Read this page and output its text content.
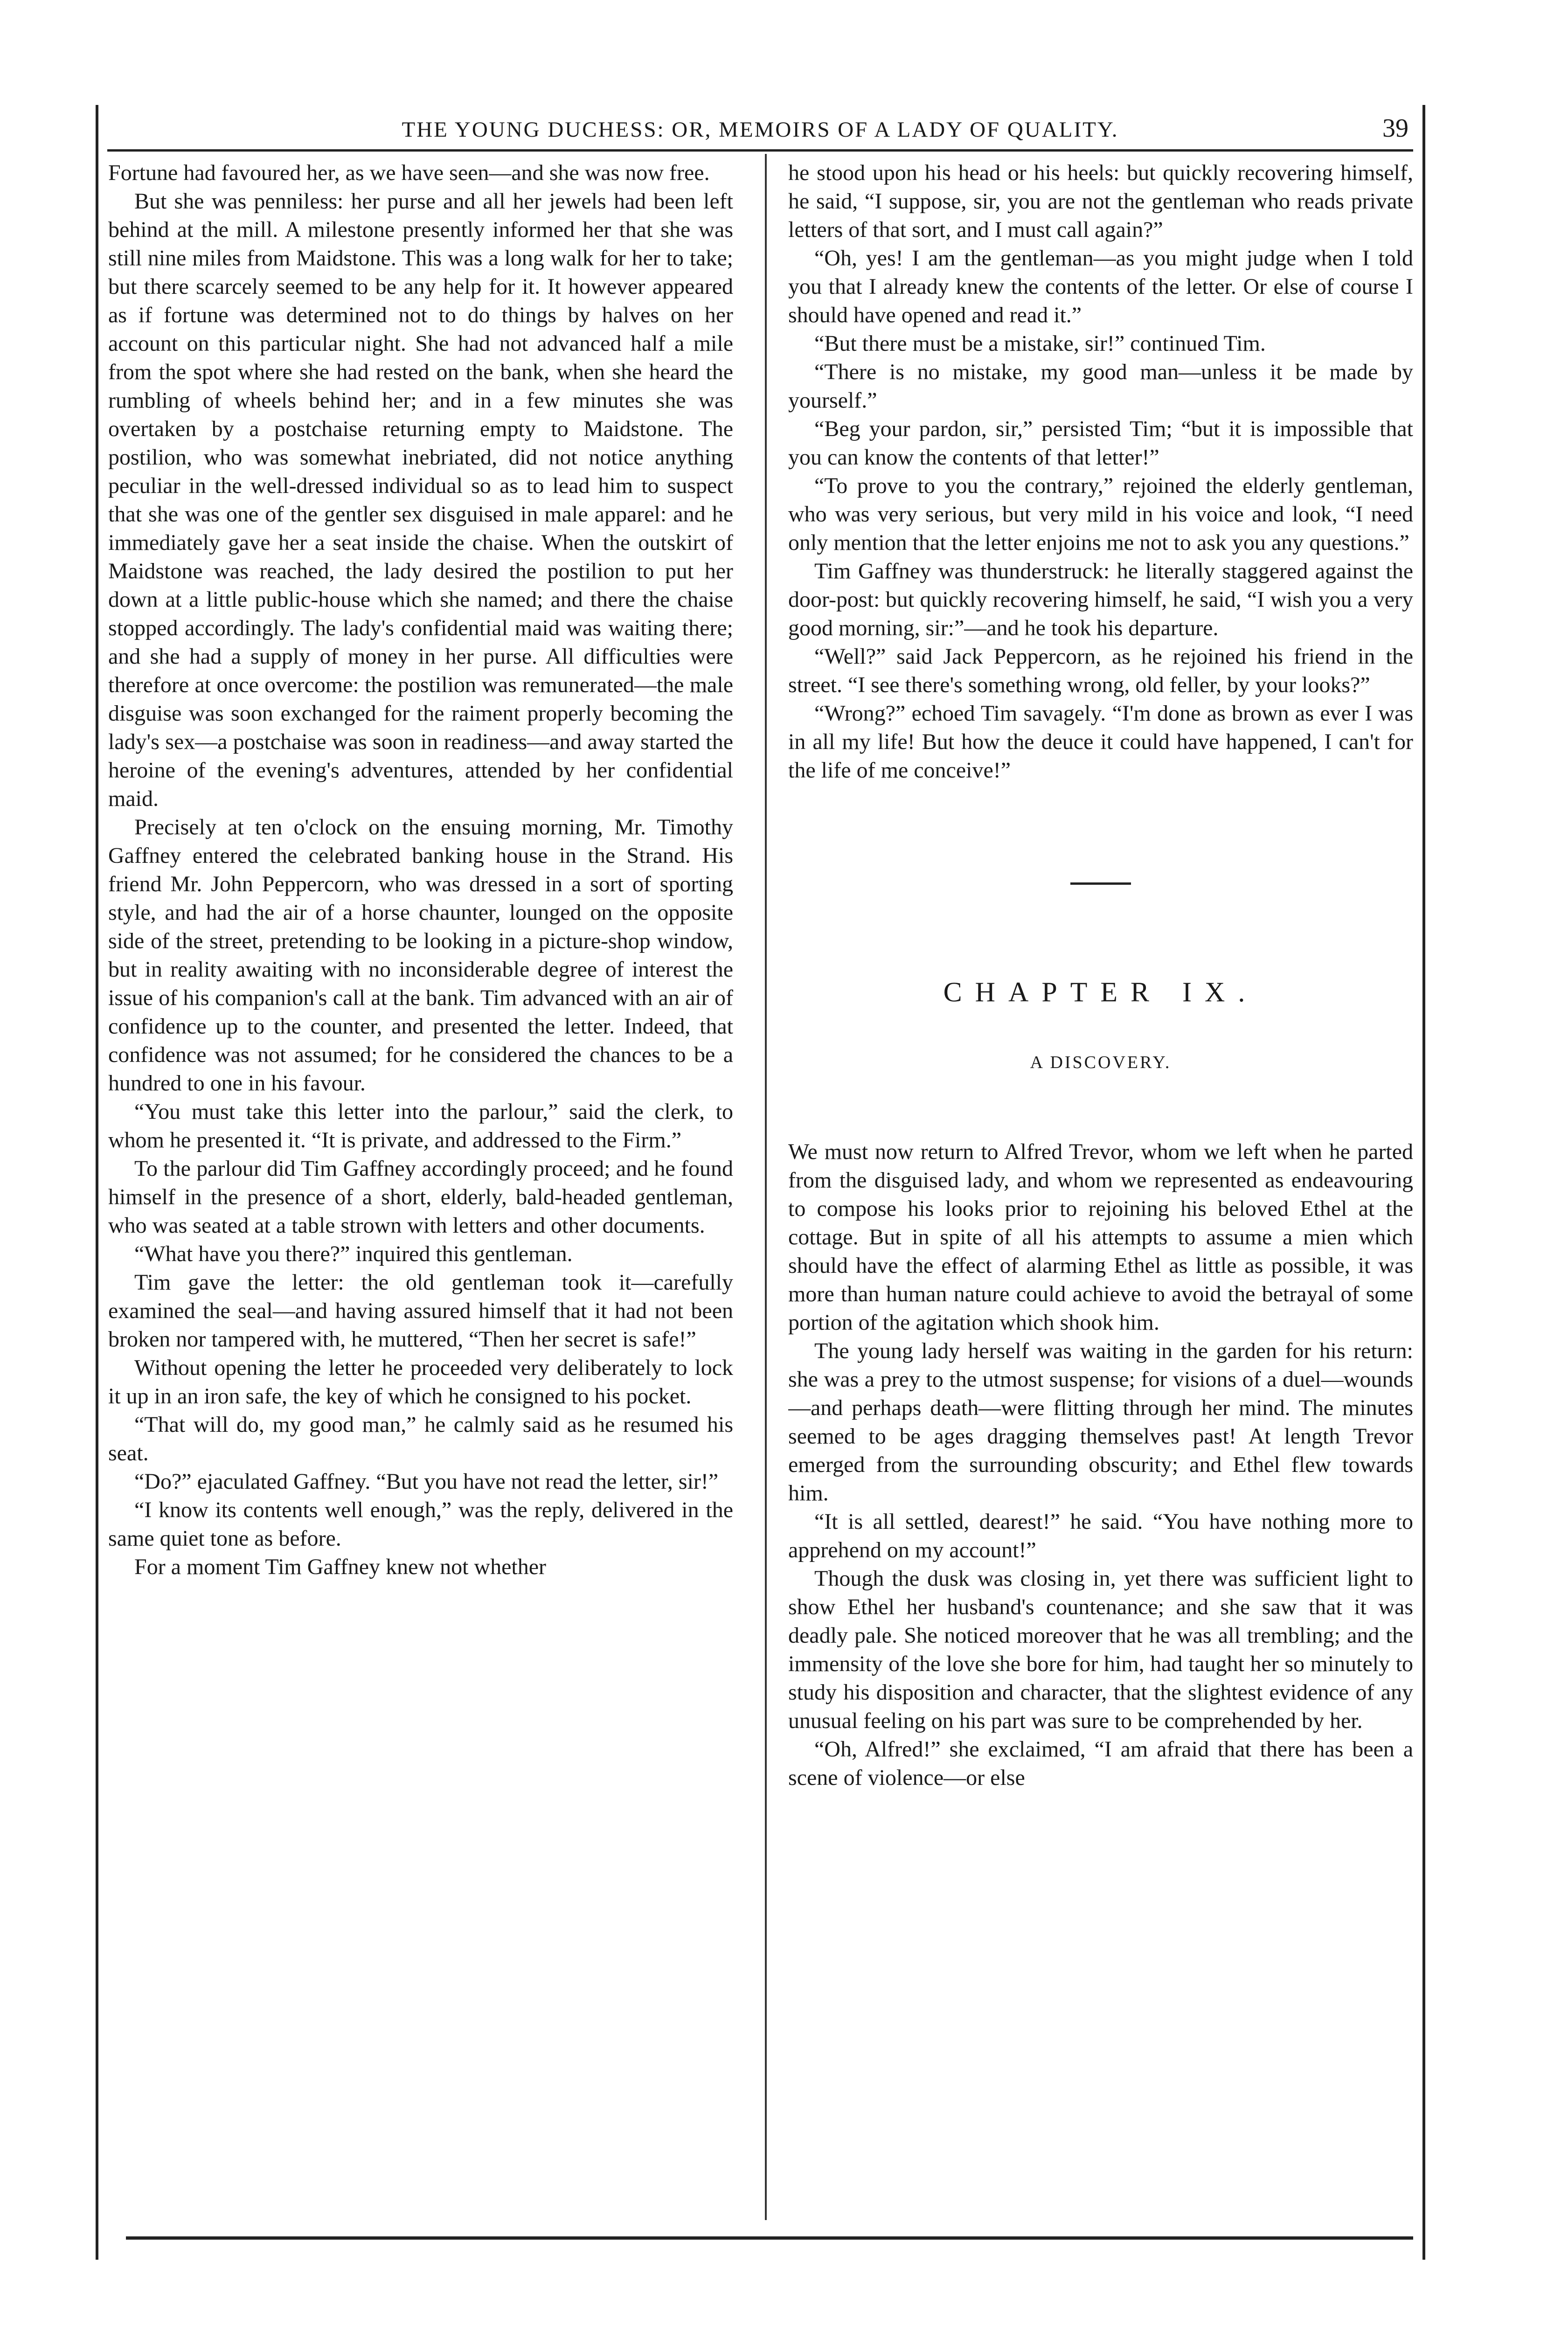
THE YOUNG DUCHESS: OR, MEMOIRS OF A LADY OF QUALITY.	39

Fortune had favoured her, as we have seen—and she was now free.

But she was penniless: her purse and all her jewels had been left behind at the mill. A milestone presently informed her that she was still nine miles from Maidstone. This was a long walk for her to take; but there scarcely seemed to be any help for it. It however appeared as if fortune was determined not to do things by halves on her account on this particular night. She had not advanced half a mile from the spot where she had rested on the bank, when she heard the rumbling of wheels behind her; and in a few minutes she was overtaken by a postchaise returning empty to Maidstone. The postilion, who was somewhat inebriated, did not notice anything peculiar in the well-dressed individual so as to lead him to suspect that she was one of the gentler sex disguised in male apparel: and he immediately gave her a seat inside the chaise. When the outskirt of Maidstone was reached, the lady desired the postilion to put her down at a little public-house which she named; and there the chaise stopped accordingly. The lady's confidential maid was waiting there; and she had a supply of money in her purse. All difficulties were therefore at once overcome: the postilion was remunerated—the male disguise was soon exchanged for the raiment properly becoming the lady's sex—a postchaise was soon in readiness—and away started the heroine of the evening's adventures, attended by her confidential maid.

Precisely at ten o'clock on the ensuing morning, Mr. Timothy Gaffney entered the celebrated banking house in the Strand. His friend Mr. John Peppercorn, who was dressed in a sort of sporting style, and had the air of a horse chaunter, lounged on the opposite side of the street, pretending to be looking in a picture-shop window, but in reality awaiting with no inconsiderable degree of interest the issue of his companion's call at the bank. Tim advanced with an air of confidence up to the counter, and presented the letter. Indeed, that confidence was not assumed; for he considered the chances to be a hundred to one in his favour.

“You must take this letter into the parlour,” said the clerk, to whom he presented it. “It is private, and addressed to the Firm.”

To the parlour did Tim Gaffney accordingly proceed; and he found himself in the presence of a short, elderly, bald-headed gentleman, who was seated at a table strown with letters and other documents.

“What have you there?” inquired this gentleman.

Tim gave the letter: the old gentleman took it—carefully examined the seal—and having assured himself that it had not been broken nor tampered with, he muttered, “Then her secret is safe!”

Without opening the letter he proceeded very deliberately to lock it up in an iron safe, the key of which he consigned to his pocket.

“That will do, my good man,” he calmly said as he resumed his seat.

“Do?” ejaculated Gaffney. “But you have not read the letter, sir!”

“I know its contents well enough,” was the reply, delivered in the same quiet tone as before.

For a moment Tim Gaffney knew not whether

he stood upon his head or his heels: but quickly recovering himself, he said, “I suppose, sir, you are not the gentleman who reads private letters of that sort, and I must call again?”

“Oh, yes! I am the gentleman—as you might judge when I told you that I already knew the contents of the letter. Or else of course I should have opened and read it.”

“But there must be a mistake, sir!” continued Tim.

“There is no mistake, my good man—unless it be made by yourself.”

“Beg your pardon, sir,” persisted Tim; “but it is impossible that you can know the contents of that letter!”

“To prove to you the contrary,” rejoined the elderly gentleman, who was very serious, but very mild in his voice and look, “I need only mention that the letter enjoins me not to ask you any questions.”

Tim Gaffney was thunderstruck: he literally staggered against the door-post: but quickly recovering himself, he said, “I wish you a very good morning, sir:”—and he took his departure.

“Well?” said Jack Peppercorn, as he rejoined his friend in the street. “I see there's something wrong, old feller, by your looks?”

“Wrong?” echoed Tim savagely. “I'm done as brown as ever I was in all my life! But how the deuce it could have happened, I can't for the life of me conceive!”

CHAPTER IX.
A DISCOVERY.

We must now return to Alfred Trevor, whom we left when he parted from the disguised lady, and whom we represented as endeavouring to compose his looks prior to rejoining his beloved Ethel at the cottage. But in spite of all his attempts to assume a mien which should have the effect of alarming Ethel as little as possible, it was more than human nature could achieve to avoid the betrayal of some portion of the agitation which shook him.

The young lady herself was waiting in the garden for his return: she was a prey to the utmost suspense; for visions of a duel—wounds—and perhaps death—were flitting through her mind. The minutes seemed to be ages dragging themselves past! At length Trevor emerged from the surrounding obscurity; and Ethel flew towards him.

“It is all settled, dearest!” he said. “You have nothing more to apprehend on my account!”

Though the dusk was closing in, yet there was sufficient light to show Ethel her husband's countenance; and she saw that it was deadly pale. She noticed moreover that he was all trembling; and the immensity of the love she bore for him, had taught her so minutely to study his disposition and character, that the slightest evidence of any unusual feeling on his part was sure to be comprehended by her.

“Oh, Alfred!” she exclaimed, “I am afraid that there has been a scene of violence—or else
